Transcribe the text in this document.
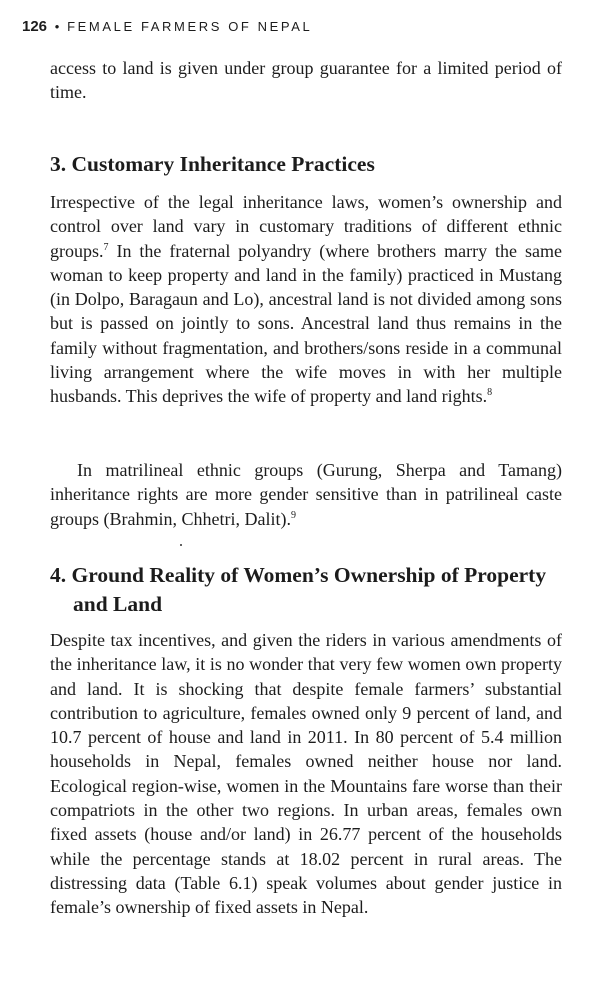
126 • FEMALE FARMERS OF NEPAL

access to land is given under group guarantee for a limited period of time.

3. Customary Inheritance Practices

Irrespective of the legal inheritance laws, women’s ownership and control over land vary in customary traditions of different ethnic groups.$^7$ In the fraternal polyandry (where brothers marry the same woman to keep property and land in the family) practiced in Mustang (in Dolpo, Baragaun and Lo), ancestral land is not divided among sons but is passed on jointly to sons. Ancestral land thus remains in the family without fragmentation, and brothers/sons reside in a communal living arrangement where the wife moves in with her multiple husbands. This deprives the wife of property and land rights.$^8$

In matrilineal ethnic groups (Gurung, Sherpa and Tamang) inheritance rights are more gender sensitive than in patrilineal caste groups (Brahmin, Chhetri, Dalit).$^9$

4. Ground Reality of Women’s Ownership of Property
and Land

Despite tax incentives, and given the riders in various amendments of the inheritance law, it is no wonder that very few women own property and land. It is shocking that despite female farmers’ substantial contribution to agriculture, females owned only 9 percent of land, and 10.7 percent of house and land in 2011. In 80 percent of 5.4 million households in Nepal, females owned neither house nor land. Ecological region-wise, women in the Mountains fare worse than their compatriots in the other two regions. In urban areas, females own fixed assets (house and/or land) in 26.77 percent of the households while the percentage stands at 18.02 percent in rural areas. The distressing data (Table 6.1) speak volumes about gender justice in female’s ownership of fixed assets in Nepal.
